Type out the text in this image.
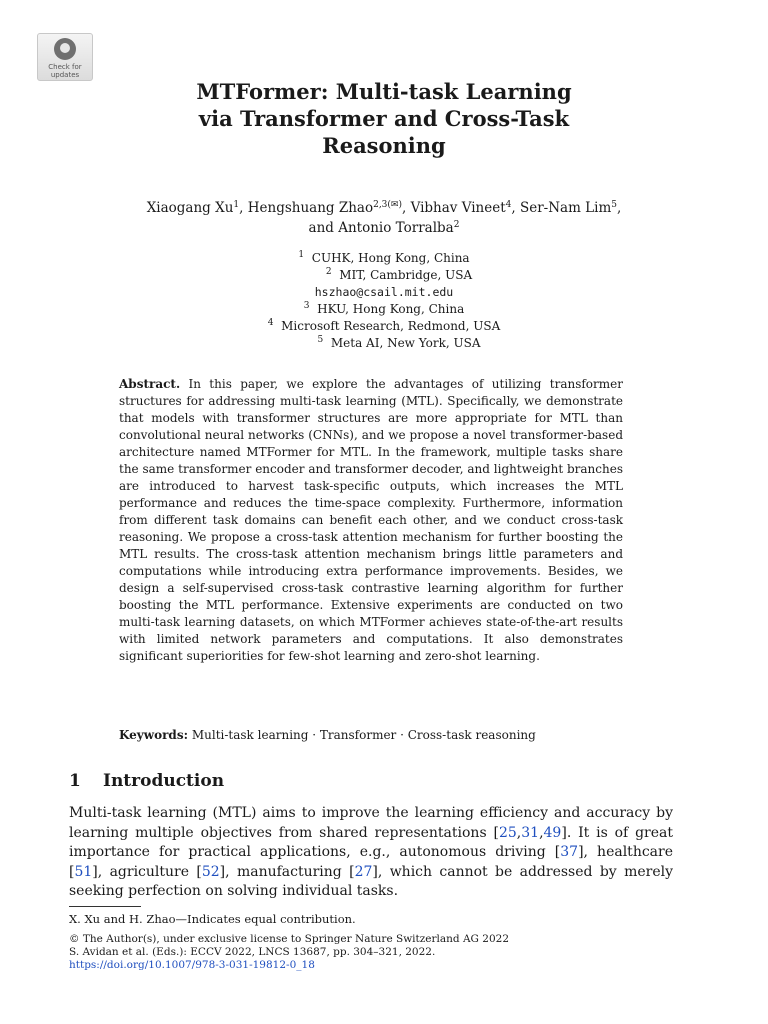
Check for
updates
MTFormer: Multi-task Learning
via Transformer and Cross-Task
Reasoning
Xiaogang Xu$^1$, Hengshuang Zhao$^{2,3(✉)}$, Vibhav Vineet$^4$, Ser-Nam Lim$^5$,
and Antonio Torralba$^2$
$^1$ CUHK, Hong Kong, China
$^2$ MIT, Cambridge, USA
hszhao@csail.mit.edu
$^3$ HKU, Hong Kong, China
$^4$ Microsoft Research, Redmond, USA
$^5$ Meta AI, New York, USA
Abstract. In this paper, we explore the advantages of utilizing transformer structures for addressing multi-task learning (MTL). Specifically, we demonstrate that models with transformer structures are more appropriate for MTL than convolutional neural networks (CNNs), and we propose a novel transformer-based architecture named MTFormer for MTL. In the framework, multiple tasks share the same transformer encoder and transformer decoder, and lightweight branches are introduced to harvest task-specific outputs, which increases the MTL performance and reduces the time-space complexity. Furthermore, information from different task domains can benefit each other, and we conduct cross-task reasoning. We propose a cross-task attention mechanism for further boosting the MTL results. The cross-task attention mechanism brings little parameters and computations while introducing extra performance improvements. Besides, we design a self-supervised cross-task contrastive learning algorithm for further boosting the MTL performance. Extensive experiments are conducted on two multi-task learning datasets, on which MTFormer achieves state-of-the-art results with limited network parameters and computations. It also demonstrates significant superiorities for few-shot learning and zero-shot learning.
Keywords: Multi-task learning · Transformer · Cross-task reasoning
1 Introduction
Multi-task learning (MTL) aims to improve the learning efficiency and accuracy by learning multiple objectives from shared representations [25,31,49]. It is of great importance for practical applications, e.g., autonomous driving [37], healthcare [51], agriculture [52], manufacturing [27], which cannot be addressed by merely seeking perfection on solving individual tasks.
X. Xu and H. Zhao—Indicates equal contribution.
© The Author(s), under exclusive license to Springer Nature Switzerland AG 2022
S. Avidan et al. (Eds.): ECCV 2022, LNCS 13687, pp. 304–321, 2022.
https://doi.org/10.1007/978-3-031-19812-0_18
